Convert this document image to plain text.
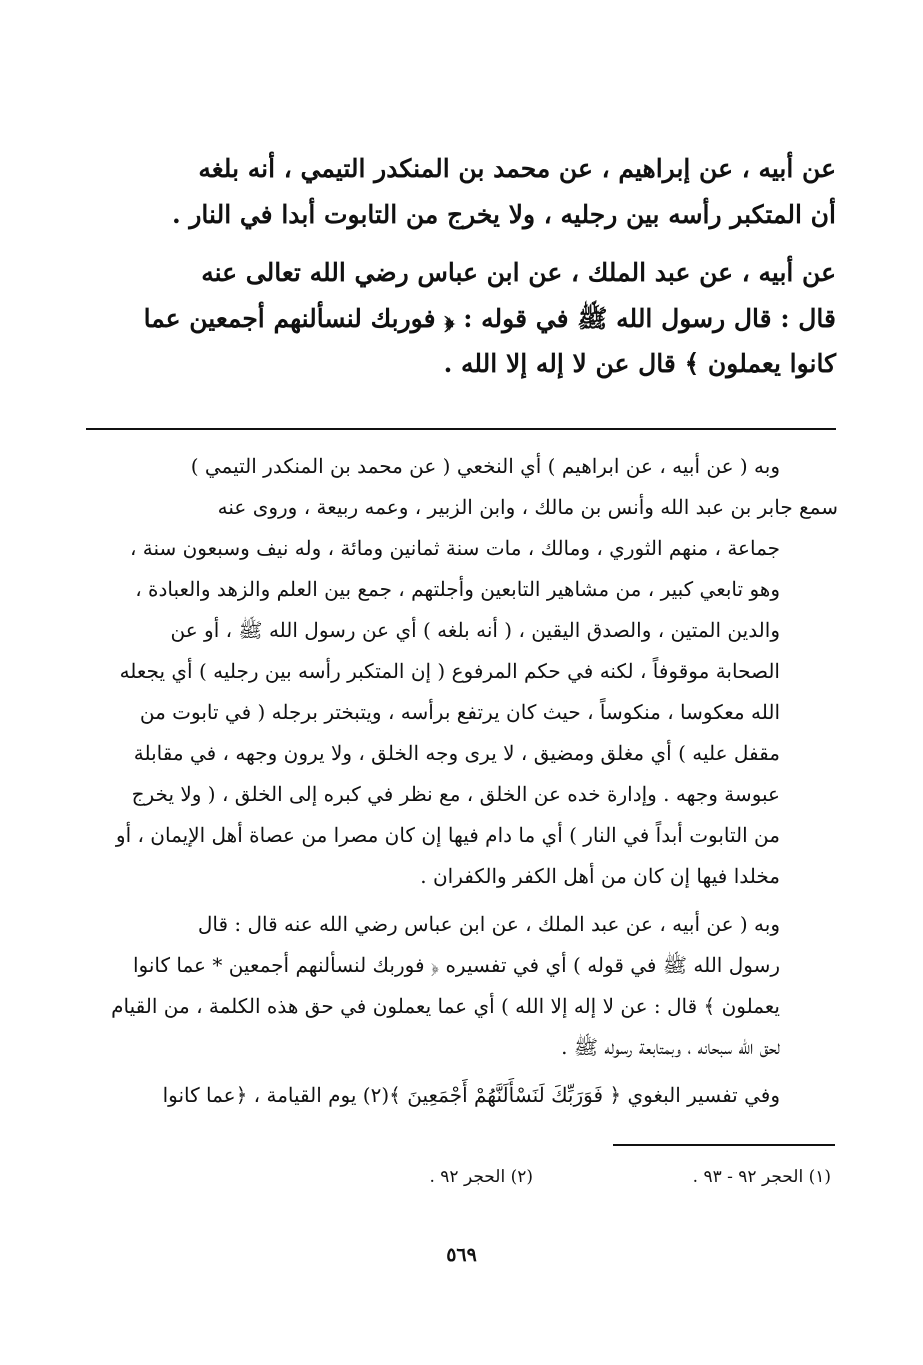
عن أبيه ، عن إبراهيم ، عن محمد بن المنكدر التيمي ، أنه بلغه
أن المتكبر رأسه بين رجليه ، ولا يخرج من التابوت أبدا في النار .

عن أبيه ، عن عبد الملك ، عن ابن عباس رضي الله تعالى عنه
قال : قال رسول الله ﷺ في قوله : ﴿ فوربك لنسألنهم أجمعين عما
كانوا يعملون ﴾ قال عن لا إله إلا الله .

وبه ( عن أبيه ، عن ابراهيم ) أي النخعي ( عن محمد بن المنكدر التيمي )
سمع جابر بن عبد الله وأنس بن مالك ، وابن الزبير ، وعمه ربيعة ، وروى عنه
جماعة ، منهم الثوري ، ومالك ، مات سنة ثمانين ومائة ، وله نيف وسبعون سنة ،
وهو تابعي كبير ، من مشاهير التابعين وأجلتهم ، جمع بين العلم والزهد والعبادة ،
والدين المتين ، والصدق اليقين ، ( أنه بلغه ) أي عن رسول الله ﷺ ، أو عن
الصحابة موقوفاً ، لكنه في حكم المرفوع ( إن المتكبر رأسه بين رجليه ) أي يجعله
الله معكوسا ، منكوساً ، حيث كان يرتفع برأسه ، ويتبختر برجله ( في تابوت من
مقفل عليه ) أي مغلق ومضيق ، لا يرى وجه الخلق ، ولا يرون وجهه ، في مقابلة
عبوسة وجهه . وإدارة خده عن الخلق ، مع نظر في كبره إلى الخلق ، ( ولا يخرج
من التابوت أبداً في النار ) أي ما دام فيها إن كان مصرا من عصاة أهل الإيمان ، أو
مخلدا فيها إن كان من أهل الكفر والكفران .

وبه ( عن أبيه ، عن عبد الملك ، عن ابن عباس رضي الله عنه قال : قال
رسول الله ﷺ في قوله ) أي في تفسيره ﴿ فوربك لنسألنهم أجمعين * عما كانوا
يعملون ﴾ قال : عن لا إله إلا الله ) أي عما يعملون في حق هذه الكلمة ، من القيام
لحق الله سبحانه ، وبمتابعة رسوله ﷺ .

وفي تفسير البغوي ﴿ فَوَرَبِّكَ لَنَسْأَلَنَّهُمْ أَجْمَعِينَ ﴾(٢) يوم القيامة ، ﴿عما كانوا

(١) الحجر ٩٢ - ٩٣ .
(٢) الحجر ٩٢ .
٥٦٩
